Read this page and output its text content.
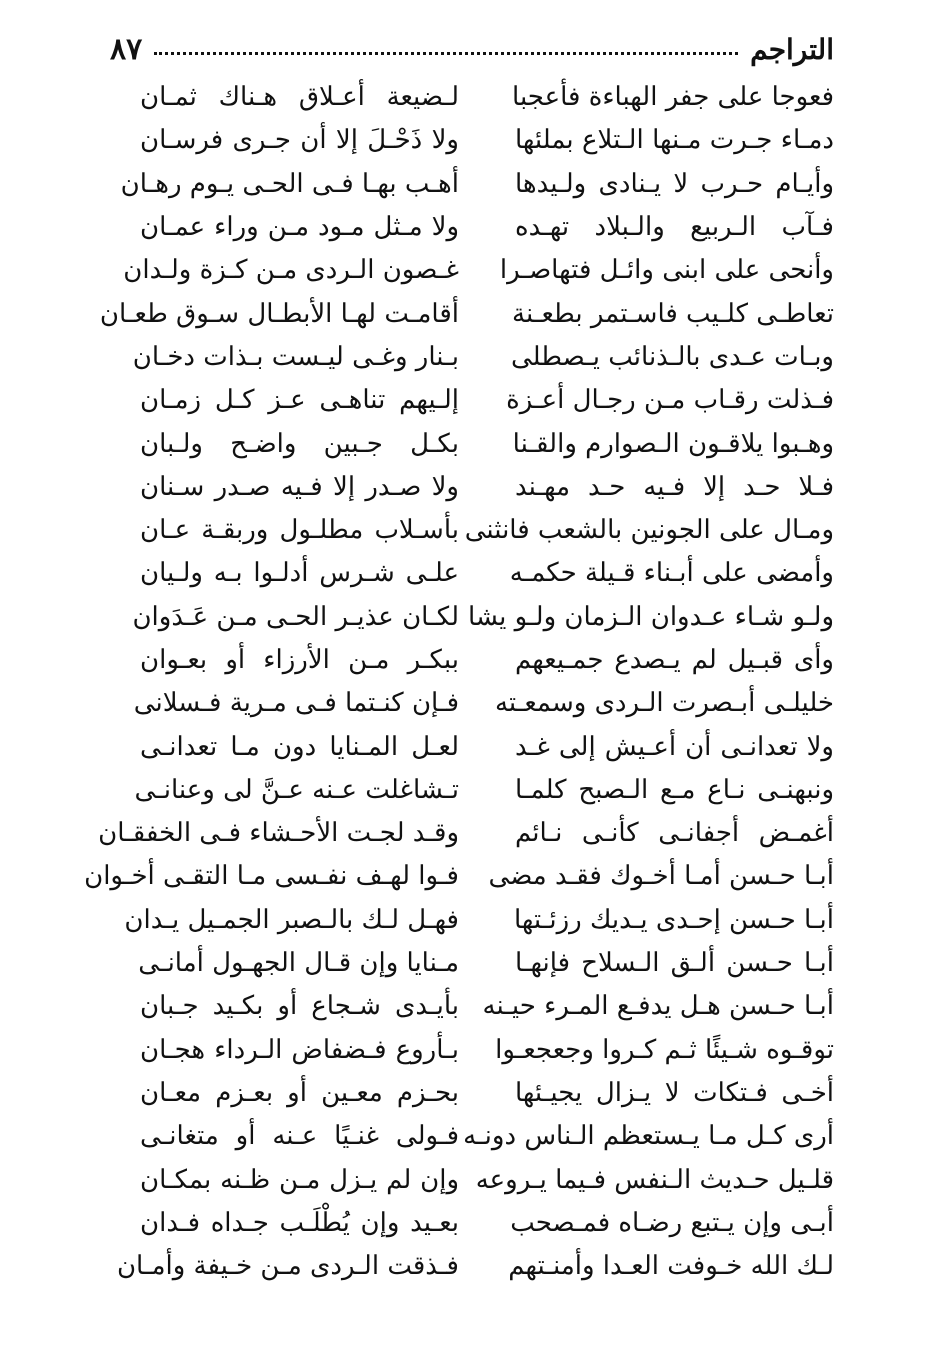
التراجم
٨٧
فعوجا على جفر الهباءة فأعجبا
لـضيعة أعـلاق هـناك ثمـان
دمـاء جـرت مـنها الـتلاع بملئها
ولا ذَحْـلَ إلا أن جـرى فرسـان
وأيـام حـرب لا يـنادى ولـيدها
أهـب بهـا فـى الحـى يـوم رهـان
فـآب الـربيع والـبلاد تهـده
ولا مـثل مـود مـن وراء عمـان
وأنحى على ابنى وائـل فتهاصـرا
غـصون الـردى مـن كـزة ولـدان
تعاطـى كلـيب فاسـتمر بطعـنة
أقامـت لهـا الأبطـال سـوق طعـان
وبـات عـدى بالـذنائب يـصطلى
بـنار وغـى ليـست بـذات دخـان
فـذلت رقـاب مـن رجـال أعـزة
إلـيهم تناهـى عـز كـل زمـان
وهـبوا يلاقـون الـصوارم والقـنا
بكـل جـبين واضـح ولـبان
فـلا حـد إلا فـيه حـد مهـند
ولا صـدر إلا فـيه صـدر سـنان
ومـال على الجونين بالشعب فانثنى
بأسـلاب مطلـول وربقـة عـان
وأمضى على أبـناء قـيلة حكمـه
علـى شـرس أدلـوا بـه ولـيان
ولـو شـاء عـدوان الـزمان ولـو يشا
لكـان عذيـر الحـى مـن عَـدَوان
وأى قبـيل لم يـصدع جمـيعهم
ببكـر مـن الأرزاء أو بعـوان
خليلـى أبـصرت الـردى وسمعـته
فـإن كنـتما فـى مـرية فـسلانى
ولا تعدانـى أن أعـيش إلى غـد
لعـل المـنايا دون مـا تعدانـى
ونبهنـى نـاع مـع الـصبح كلمـا
تـشاغلت عـنه عـنَّ لى وعنانـى
أغمـض أجفانـى كأنـى نـائم
وقـد لجـت الأحـشاء فـى الخفقـان
أبـا حـسن أمـا أخـوك فقـد مضى
فـوا لهـف نفـسى مـا التقـى أخـوان
أبـا حـسن إحـدى يـديك رزئـتها
فهـل لـك بالـصبر الجمـيل يـدان
أبـا حـسن ألـق الـسلاح فإنهـا
مـنايا وإن قـال الجهـول أمانـى
أبـا حـسن هـل يدفـع المـرء حيـنه
بأيـدى شـجاع أو بكـيد جـبان
توقـوه شـيئًا ثـم كـروا وجعجعـوا
بـأروع فـضفاض الـرداء هجـان
أخـى فـتكات لا يـزال يجيـئها
بحـزم معـين أو بعـزم معـان
أرى كـل مـا يـستعظم الـناس دونـه
فـولى غنـيًا عـنه أو متغانـى
قلـيل حـديث الـنفس فـيما يـروعه
وإن لم يـزل مـن ظـنه بمكـان
أبـى وإن يـتبع رضـاه فمـصحب
بعـيد وإن يُطْلَـب جـداه فـدان
لـك الله خـوفت العـدا وأمنـتهم
فـذقت الـردى مـن خـيفة وأمـان
